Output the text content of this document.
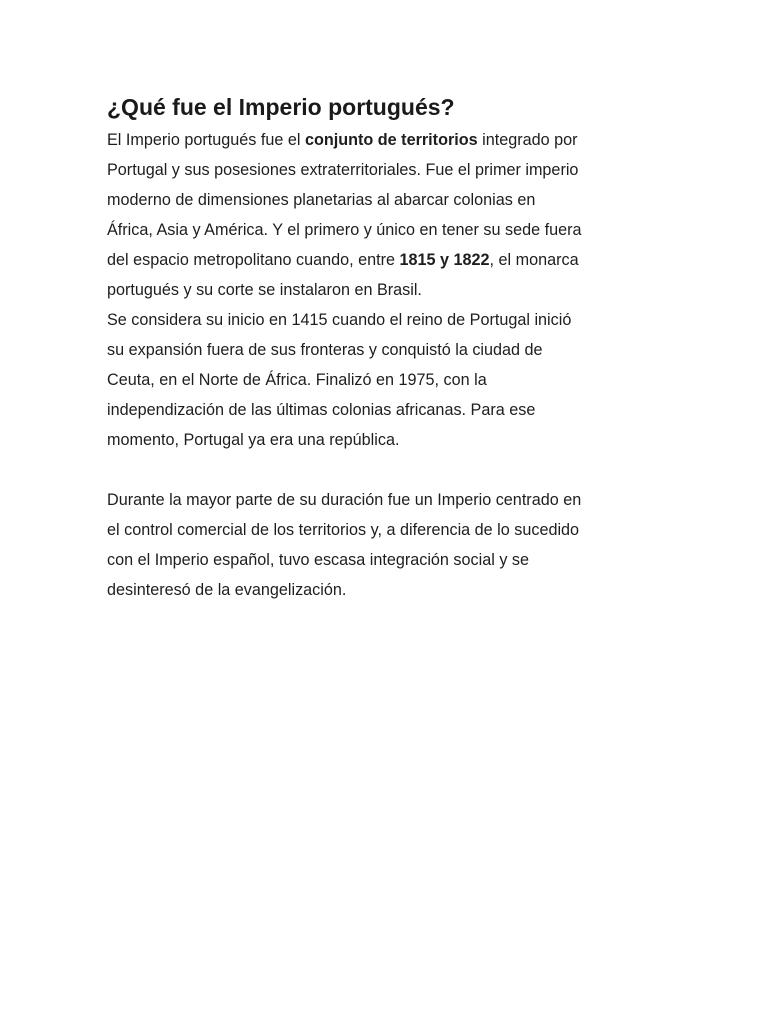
¿Qué fue el Imperio portugués?

El Imperio portugués fue el conjunto de territorios integrado por
Portugal y sus posesiones extraterritoriales. Fue el primer imperio
moderno de dimensiones planetarias al abarcar colonias en
África, Asia y América. Y el primero y único en tener su sede fuera
del espacio metropolitano cuando, entre 1815 y 1822, el monarca
portugués y su corte se instalaron en Brasil.

Se considera su inicio en 1415 cuando el reino de Portugal inició
su expansión fuera de sus fronteras y conquistó la ciudad de
Ceuta, en el Norte de África. Finalizó en 1975, con la
independización de las últimas colonias africanas. Para ese
momento, Portugal ya era una república.

Durante la mayor parte de su duración fue un Imperio centrado en
el control comercial de los territorios y, a diferencia de lo sucedido
con el Imperio español, tuvo escasa integración social y se
desinteresó de la evangelización.
